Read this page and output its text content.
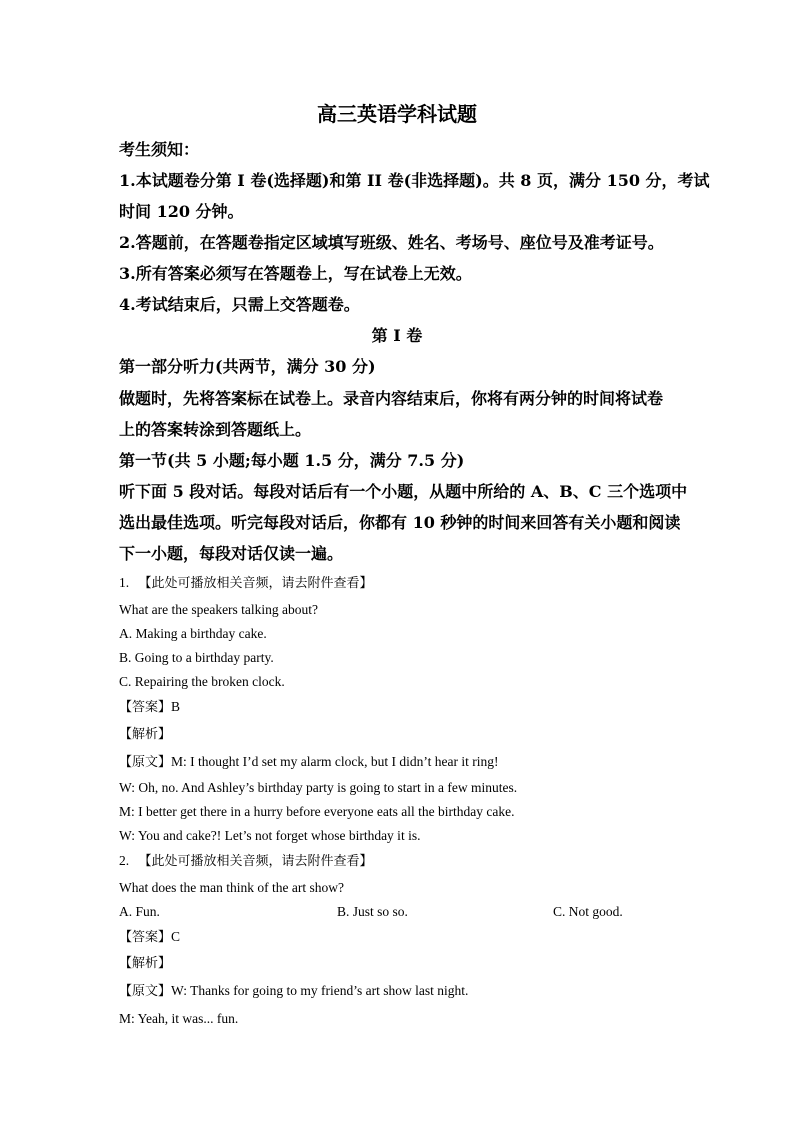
高三英语学科试题
考生须知：
1.本试题卷分第 I 卷(选择题)和第 II 卷(非选择题)。共 8 页，满分 150 分，考试
时间 120 分钟。
2.答题前，在答题卷指定区域填写班级、姓名、考场号、座位号及准考证号。
3.所有答案必须写在答题卷上，写在试卷上无效。
4.考试结束后，只需上交答题卷。
第 I 卷
第一部分听力(共两节，满分 30 分)
做题时，先将答案标在试卷上。录音内容结束后，你将有两分钟的时间将试卷
上的答案转涂到答题纸上。
第一节(共 5 小题;每小题 1.5 分，满分 7.5 分)
听下面 5 段对话。每段对话后有一个小题，从题中所给的 A、B、C 三个选项中
选出最佳选项。听完每段对话后，你都有 10 秒钟的时间来回答有关小题和阅读
下一小题，每段对话仅读一遍。
1. 【此处可播放相关音频，请去附件查看】
What are the speakers talking about?
A. Making a birthday cake.
B. Going to a birthday party.
C. Repairing the broken clock.
【答案】B
【解析】
【原文】M: I thought I’d set my alarm clock, but I didn’t hear it ring!
W: Oh, no. And Ashley’s birthday party is going to start in a few minutes.
M: I better get there in a hurry before everyone eats all the birthday cake.
W: You and cake?! Let’s not forget whose birthday it is.
2. 【此处可播放相关音频，请去附件查看】
What does the man think of the art show?
A. Fun.	B. Just so so.	C. Not good.
【答案】C
【解析】
【原文】W: Thanks for going to my friend’s art show last night.
M: Yeah, it was... fun.
